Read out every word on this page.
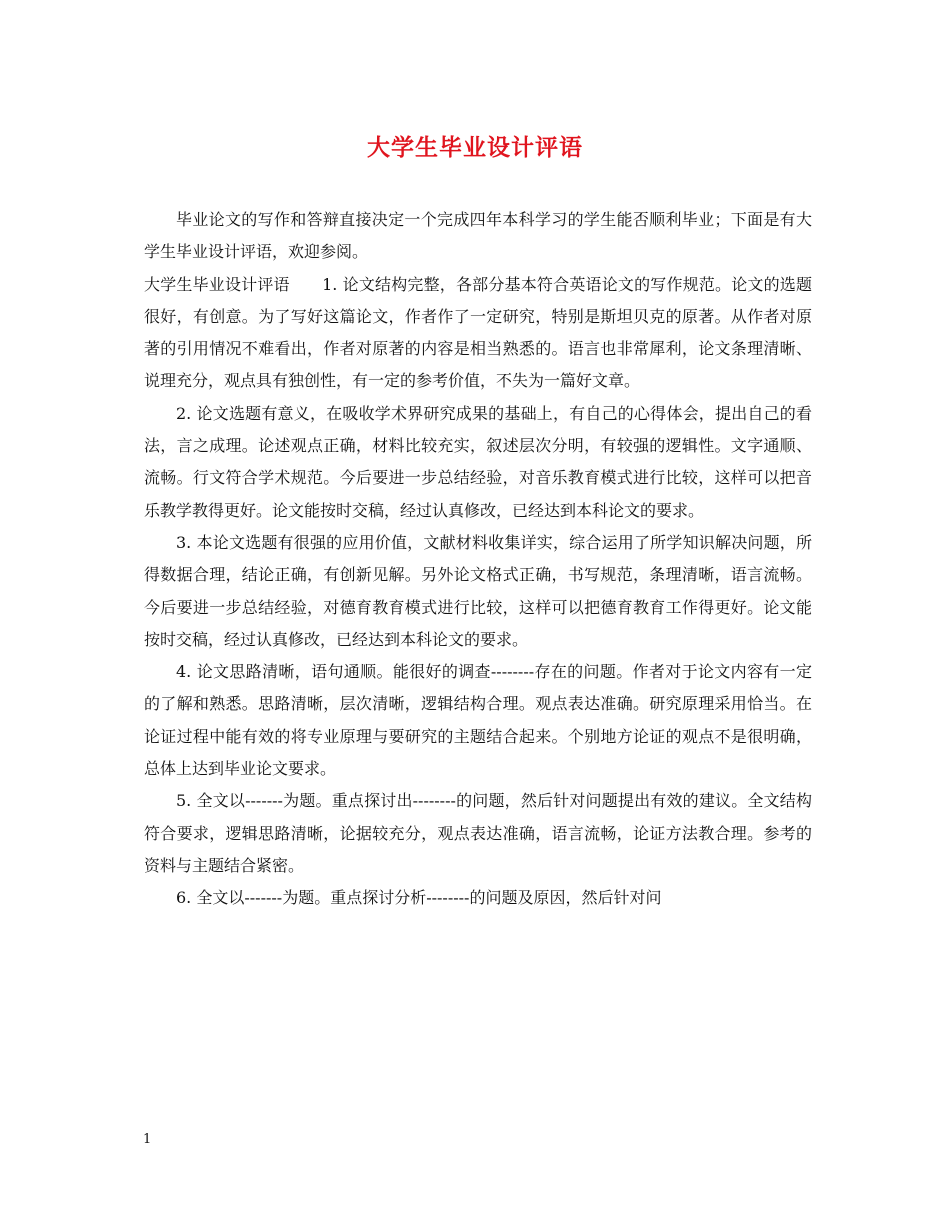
大学生毕业设计评语

毕业论文的写作和答辩直接决定一个完成四年本科学习的学生能否顺利毕业；下面是有大学生毕业设计评语，欢迎参阅。

大学生毕业设计评语　　1. 论文结构完整，各部分基本符合英语论文的写作规范。论文的选题很好，有创意。为了写好这篇论文，作者作了一定研究，特别是斯坦贝克的原著。从作者对原著的引用情况不难看出，作者对原著的内容是相当熟悉的。语言也非常犀利，论文条理清晰、说理充分，观点具有独创性，有一定的参考价值，不失为一篇好文章。

2. 论文选题有意义，在吸收学术界研究成果的基础上，有自己的心得体会，提出自己的看法，言之成理。论述观点正确，材料比较充实，叙述层次分明，有较强的逻辑性。文字通顺、流畅。行文符合学术规范。今后要进一步总结经验，对音乐教育模式进行比较，这样可以把音乐教学教得更好。论文能按时交稿，经过认真修改，已经达到本科论文的要求。

3. 本论文选题有很强的应用价值，文献材料收集详实，综合运用了所学知识解决问题，所得数据合理，结论正确，有创新见解。另外论文格式正确，书写规范，条理清晰，语言流畅。今后要进一步总结经验，对德育教育模式进行比较，这样可以把德育教育工作得更好。论文能按时交稿，经过认真修改，已经达到本科论文的要求。

4. 论文思路清晰，语句通顺。能很好的调查--------存在的问题。作者对于论文内容有一定的了解和熟悉。思路清晰，层次清晰，逻辑结构合理。观点表达准确。研究原理采用恰当。在论证过程中能有效的将专业原理与要研究的主题结合起来。个别地方论证的观点不是很明确，总体上达到毕业论文要求。

5. 全文以-------为题。重点探讨出--------的问题，然后针对问题提出有效的建议。全文结构符合要求，逻辑思路清晰，论据较充分，观点表达准确，语言流畅，论证方法教合理。参考的资料与主题结合紧密。

6. 全文以-------为题。重点探讨分析--------的问题及原因，然后针对问

1
